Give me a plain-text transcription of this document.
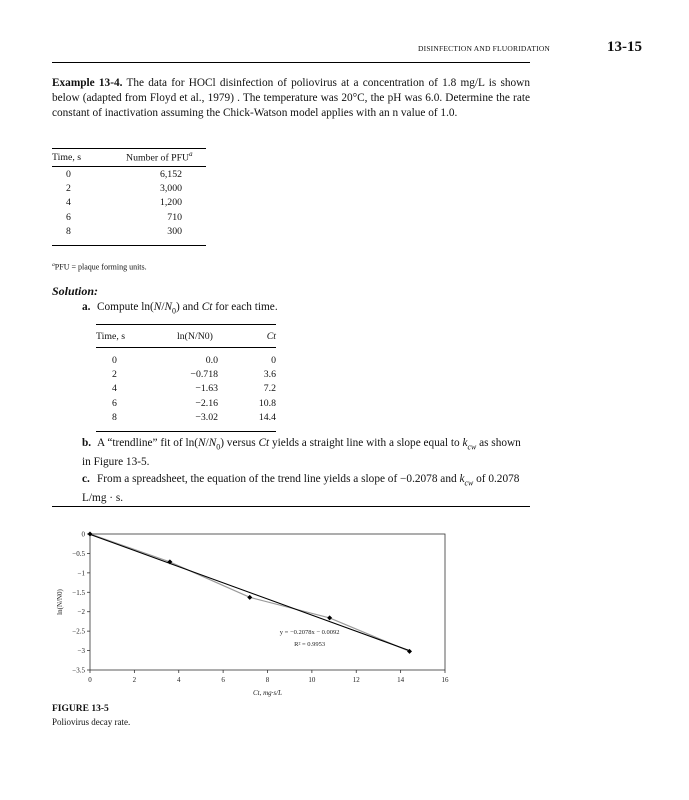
DISINFECTION AND FLUORIDATION	13-15
Example 13-4. The data for HOCl disinfection of poliovirus at a concentration of 1.8 mg/L is shown below (adapted from Floyd et al., 1979) . The temperature was 20°C, the pH was 6.0. Determine the rate constant of inactivation assuming the Chick-Watson model applies with an n value of 1.0.
Time, s	Number of PFU$^a$
0	6,152
2	3,000
4	1,200
6	710
8	300
$^a$PFU = plaque forming units.
Solution:
a. Compute $\ln(N/N_0)$ and Ct for each time.
Time, s	ln(N/N0)	Ct
0	0.0	0
2	−0.718	3.6
4	−1.63	7.2
6	−2.16	10.8
8	−3.02	14.4
b. A “trendline” fit of $\ln(N/N_0)$ versus Ct yields a straight line with a slope equal to $k_{cw}$ as shown in Figure 13-5.
c. From a spreadsheet, the equation of the trend line yields a slope of −0.2078 and $k_{cw}$ of 0.2078 L/mg · s.
0	2	4	6	8	10	12	14	16
0
−0.5
−1
−1.5
−2
−2.5
−3
−3.5
y = −0.2078x − 0.0092
R² = 0.9953
Ct, mg·s/L
ln(N/N0)
FIGURE 13-5
Poliovirus decay rate.
